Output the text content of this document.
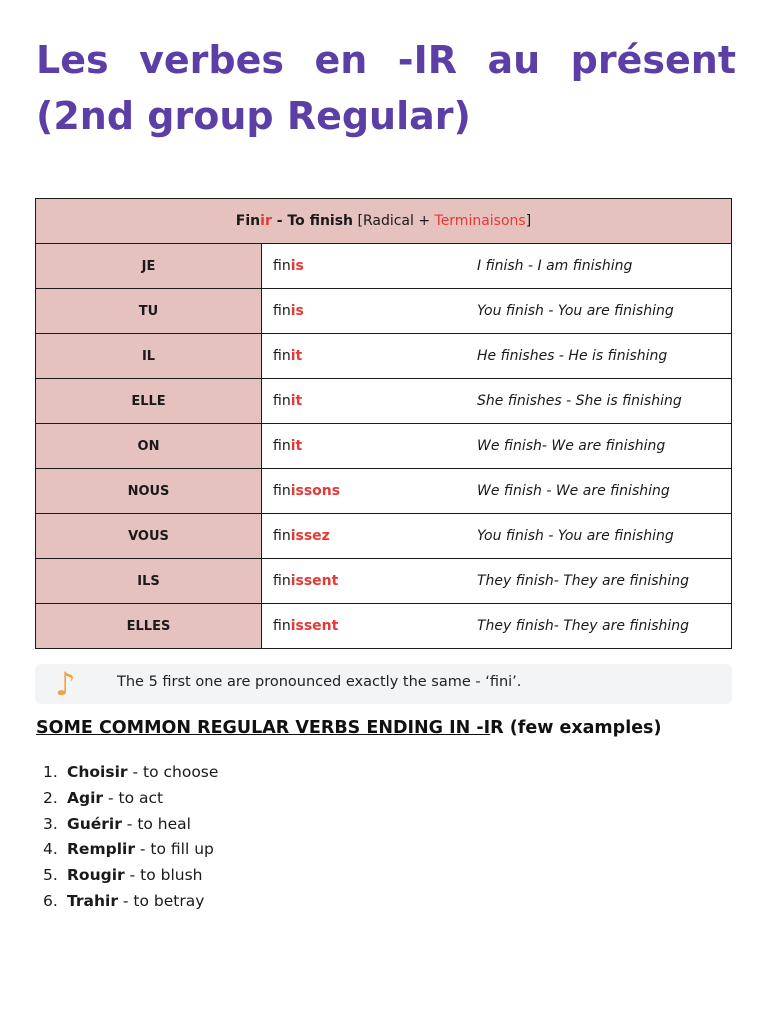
Les verbes en -IR au présent (2nd group Regular)
Finir - To finish [Radical + Terminaisons]		
JE	finis	I finish - I am finishing
TU	finis	You finish - You are finishing
IL	finit	He finishes - He is finishing
ELLE	finit	She finishes - She is finishing
ON	finit	We finish- We are finishing
NOUS	finissons	We finish - We are finishing
VOUS	finissez	You finish - You are finishing
ILS	finissent	They finish- They are finishing
ELLES	finissent	They finish- They are finishing
♪	The 5 first one are pronounced exactly the same - ‘fini’.
SOME COMMON REGULAR VERBS ENDING IN -IR (few examples)
1. Choisir - to choose
2. Agir - to act
3. Guérir - to heal
4. Remplir - to fill up
5. Rougir - to blush
6. Trahir - to betray
